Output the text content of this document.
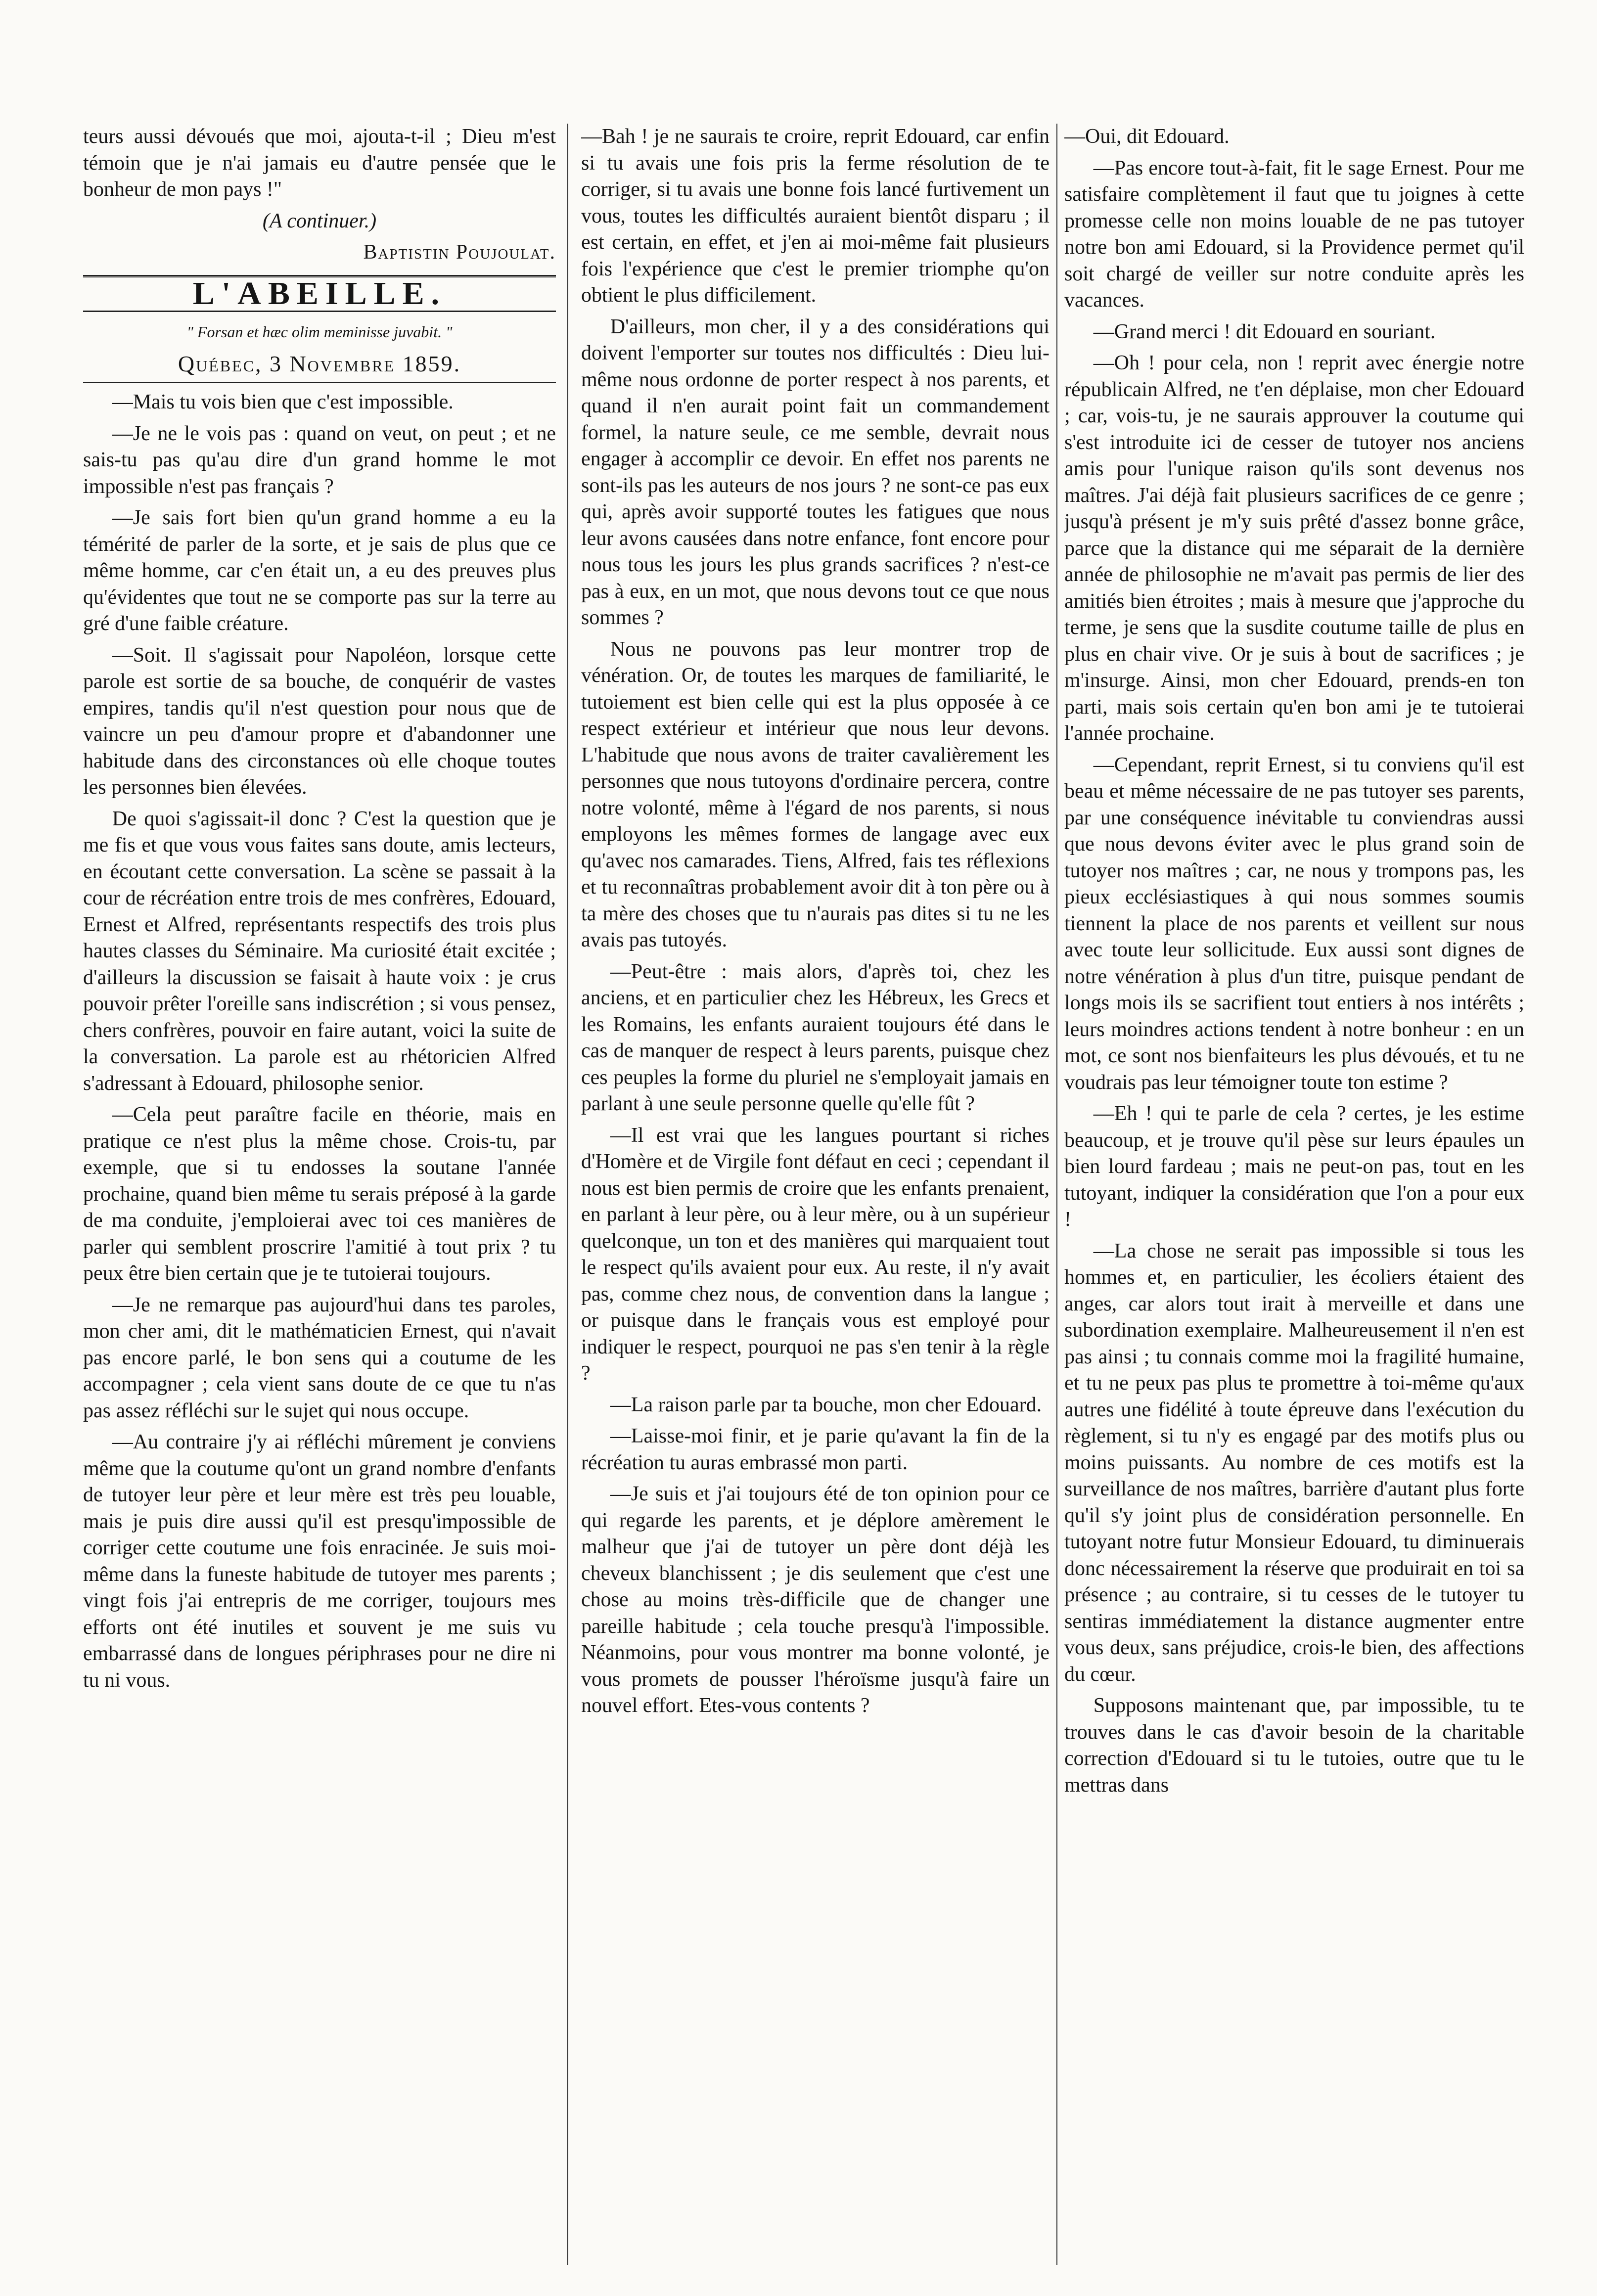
teurs aussi dévoués que moi, ajouta-t-il ; Dieu m'est témoin que je n'ai jamais eu d'autre pensée que le bonheur de mon pays !"

(A continuer.)

Baptistin Poujoulat.

L'ABEILLE.

" Forsan et hæc olim meminisse juvabit. "

Québec, 3 Novembre 1859.

—Mais tu vois bien que c'est impossible.

—Je ne le vois pas : quand on veut, on peut ; et ne sais-tu pas qu'au dire d'un grand homme le mot impossible n'est pas français ?

—Je sais fort bien qu'un grand homme a eu la témérité de parler de la sorte, et je sais de plus que ce même homme, car c'en était un, a eu des preuves plus qu'évidentes que tout ne se comporte pas sur la terre au gré d'une faible créature.

—Soit. Il s'agissait pour Napoléon, lorsque cette parole est sortie de sa bouche, de conquérir de vastes empires, tandis qu'il n'est question pour nous que de vaincre un peu d'amour propre et d'abandonner une habitude dans des circonstances où elle choque toutes les personnes bien élevées.

De quoi s'agissait-il donc ? C'est la question que je me fis et que vous vous faites sans doute, amis lecteurs, en écoutant cette conversation. La scène se passait à la cour de récréation entre trois de mes confrères, Edouard, Ernest et Alfred, représentants respectifs des trois plus hautes classes du Séminaire. Ma curiosité était excitée ; d'ailleurs la discussion se faisait à haute voix : je crus pouvoir prêter l'oreille sans indiscrétion ; si vous pensez, chers confrères, pouvoir en faire autant, voici la suite de la conversation. La parole est au rhétoricien Alfred s'adressant à Edouard, philosophe senior.

—Cela peut paraître facile en théorie, mais en pratique ce n'est plus la même chose. Crois-tu, par exemple, que si tu endosses la soutane l'année prochaine, quand bien même tu serais préposé à la garde de ma conduite, j'emploierai avec toi ces manières de parler qui semblent proscrire l'amitié à tout prix ? tu peux être bien certain que je te tutoierai toujours.

—Je ne remarque pas aujourd'hui dans tes paroles, mon cher ami, dit le mathématicien Ernest, qui n'avait pas encore parlé, le bon sens qui a coutume de les accompagner ; cela vient sans doute de ce que tu n'as pas assez réfléchi sur le sujet qui nous occupe.

—Au contraire j'y ai réfléchi mûrement je conviens même que la coutume qu'ont un grand nombre d'enfants de tutoyer leur père et leur mère est très peu louable, mais je puis dire aussi qu'il est presqu'impossible de corriger cette coutume une fois enracinée. Je suis moi-même dans la funeste habitude de tutoyer mes parents ; vingt fois j'ai entrepris de me corriger, toujours mes efforts ont été inutiles et souvent je me suis vu embarrassé dans de longues périphrases pour ne dire ni tu ni vous.

—Bah ! je ne saurais te croire, reprit Edouard, car enfin si tu avais une fois pris la ferme résolution de te corriger, si tu avais une bonne fois lancé furtivement un vous, toutes les difficultés auraient bientôt disparu ; il est certain, en effet, et j'en ai moi-même fait plusieurs fois l'expérience que c'est le premier triomphe qu'on obtient le plus difficilement.

D'ailleurs, mon cher, il y a des considérations qui doivent l'emporter sur toutes nos difficultés : Dieu lui-même nous ordonne de porter respect à nos parents, et quand il n'en aurait point fait un commandement formel, la nature seule, ce me semble, devrait nous engager à accomplir ce devoir. En effet nos parents ne sont-ils pas les auteurs de nos jours ? ne sont-ce pas eux qui, après avoir supporté toutes les fatigues que nous leur avons causées dans notre enfance, font encore pour nous tous les jours les plus grands sacrifices ? n'est-ce pas à eux, en un mot, que nous devons tout ce que nous sommes ?

Nous ne pouvons pas leur montrer trop de vénération. Or, de toutes les marques de familiarité, le tutoiement est bien celle qui est la plus opposée à ce respect extérieur et intérieur que nous leur devons. L'habitude que nous avons de traiter cavalièrement les personnes que nous tutoyons d'ordinaire percera, contre notre volonté, même à l'égard de nos parents, si nous employons les mêmes formes de langage avec eux qu'avec nos camarades. Tiens, Alfred, fais tes réflexions et tu reconnaîtras probablement avoir dit à ton père ou à ta mère des choses que tu n'aurais pas dites si tu ne les avais pas tutoyés.

—Peut-être : mais alors, d'après toi, chez les anciens, et en particulier chez les Hébreux, les Grecs et les Romains, les enfants auraient toujours été dans le cas de manquer de respect à leurs parents, puisque chez ces peuples la forme du pluriel ne s'employait jamais en parlant à une seule personne quelle qu'elle fût ?

—Il est vrai que les langues pourtant si riches d'Homère et de Virgile font défaut en ceci ; cependant il nous est bien permis de croire que les enfants prenaient, en parlant à leur père, ou à leur mère, ou à un supérieur quelconque, un ton et des manières qui marquaient tout le respect qu'ils avaient pour eux. Au reste, il n'y avait pas, comme chez nous, de convention dans la langue ; or puisque dans le français vous est employé pour indiquer le respect, pourquoi ne pas s'en tenir à la règle ?

—La raison parle par ta bouche, mon cher Edouard.

—Laisse-moi finir, et je parie qu'avant la fin de la récréation tu auras embrassé mon parti.

—Je suis et j'ai toujours été de ton opinion pour ce qui regarde les parents, et je déplore amèrement le malheur que j'ai de tutoyer un père dont déjà les cheveux blanchissent ; je dis seulement que c'est une chose au moins très-difficile que de changer une pareille habitude ; cela touche presqu'à l'impossible. Néanmoins, pour vous montrer ma bonne volonté, je vous promets de pousser l'héroïsme jusqu'à faire un nouvel effort. Etes-vous contents ?

—Oui, dit Edouard.

—Pas encore tout-à-fait, fit le sage Ernest. Pour me satisfaire complètement il faut que tu joignes à cette promesse celle non moins louable de ne pas tutoyer notre bon ami Edouard, si la Providence permet qu'il soit chargé de veiller sur notre conduite après les vacances.

—Grand merci ! dit Edouard en souriant.

—Oh ! pour cela, non ! reprit avec énergie notre républicain Alfred, ne t'en déplaise, mon cher Edouard ; car, vois-tu, je ne saurais approuver la coutume qui s'est introduite ici de cesser de tutoyer nos anciens amis pour l'unique raison qu'ils sont devenus nos maîtres. J'ai déjà fait plusieurs sacrifices de ce genre ; jusqu'à présent je m'y suis prêté d'assez bonne grâce, parce que la distance qui me séparait de la dernière année de philosophie ne m'avait pas permis de lier des amitiés bien étroites ; mais à mesure que j'approche du terme, je sens que la susdite coutume taille de plus en plus en chair vive. Or je suis à bout de sacrifices ; je m'insurge. Ainsi, mon cher Edouard, prends-en ton parti, mais sois certain qu'en bon ami je te tutoierai l'année prochaine.

—Cependant, reprit Ernest, si tu conviens qu'il est beau et même nécessaire de ne pas tutoyer ses parents, par une conséquence inévitable tu conviendras aussi que nous devons éviter avec le plus grand soin de tutoyer nos maîtres ; car, ne nous y trompons pas, les pieux ecclésiastiques à qui nous sommes soumis tiennent la place de nos parents et veillent sur nous avec toute leur sollicitude. Eux aussi sont dignes de notre vénération à plus d'un titre, puisque pendant de longs mois ils se sacrifient tout entiers à nos intérêts ; leurs moindres actions tendent à notre bonheur : en un mot, ce sont nos bienfaiteurs les plus dévoués, et tu ne voudrais pas leur témoigner toute ton estime ?

—Eh ! qui te parle de cela ? certes, je les estime beaucoup, et je trouve qu'il pèse sur leurs épaules un bien lourd fardeau ; mais ne peut-on pas, tout en les tutoyant, indiquer la considération que l'on a pour eux !

—La chose ne serait pas impossible si tous les hommes et, en particulier, les écoliers étaient des anges, car alors tout irait à merveille et dans une subordination exemplaire. Malheureusement il n'en est pas ainsi ; tu connais comme moi la fragilité humaine, et tu ne peux pas plus te promettre à toi-même qu'aux autres une fidélité à toute épreuve dans l'exécution du règlement, si tu n'y es engagé par des motifs plus ou moins puissants. Au nombre de ces motifs est la surveillance de nos maîtres, barrière d'autant plus forte qu'il s'y joint plus de considération personnelle. En tutoyant notre futur Monsieur Edouard, tu diminuerais donc nécessairement la réserve que produirait en toi sa présence ; au contraire, si tu cesses de le tutoyer tu sentiras immédiatement la distance augmenter entre vous deux, sans préjudice, crois-le bien, des affections du cœur.

Supposons maintenant que, par impossible, tu te trouves dans le cas d'avoir besoin de la charitable correction d'Edouard si tu le tutoies, outre que tu le mettras dans
